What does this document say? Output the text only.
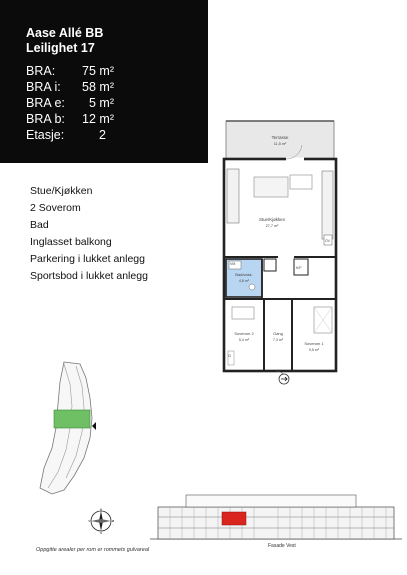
Aase Allé BB
Leilighet 17
BRA: 75 m²
BRA i: 58 m²
BRA e: 5 m²
BRA b: 12 m²
Etasje:	2
Stue/Kjøkken
2 Soverom
Bad
Inglasset balkong
Parkering i lukket anlegg
Sportsbod i lukket anlegg
Terrasse
11,5 m²
Stue/Kjøkken
27,7 m²
Bad/vask.
4,8 m²
VM
K/F
OV
Soverom 2
5,4 m²
Gang
7,3 m²
Soverom 1
9,5 m²
G
N
S
Ø
V
Oppgitte arealer per rom er rommets gulvareal
Fasade Vest
